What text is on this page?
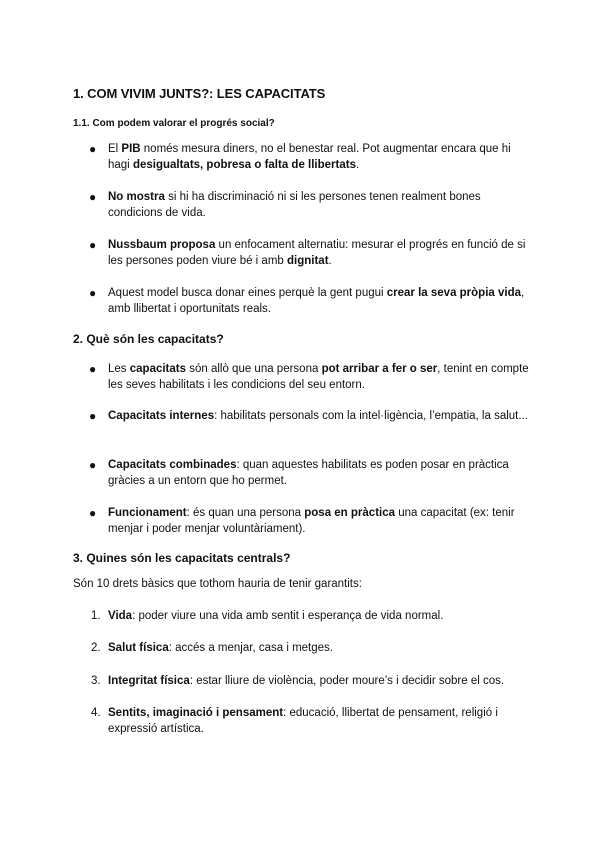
1. COM VIVIM JUNTS?: LES CAPACITATS
1.1. Com podem valorar el progrés social?
● El PIB només mesura diners, no el benestar real. Pot augmentar encara que hi hagi desigualtats, pobresa o falta de llibertats.
● No mostra si hi ha discriminació ni si les persones tenen realment bones condicions de vida.
● Nussbaum proposa un enfocament alternatiu: mesurar el progrés en funció de si les persones poden viure bé i amb dignitat.
● Aquest model busca donar eines perquè la gent pugui crear la seva pròpia vida, amb llibertat i oportunitats reals.
2. Què són les capacitats?
● Les capacitats són allò que una persona pot arribar a fer o ser, tenint en compte les seves habilitats i les condicions del seu entorn.
● Capacitats internes: habilitats personals com la intel·ligència, l’empatia, la salut...
● Capacitats combinades: quan aquestes habilitats es poden posar en pràctica gràcies a un entorn que ho permet.
● Funcionament: és quan una persona posa en pràctica una capacitat (ex: tenir menjar i poder menjar voluntàriament).
3. Quines són les capacitats centrals?
Són 10 drets bàsics que tothom hauria de tenir garantits:
1. Vida: poder viure una vida amb sentit i esperança de vida normal.
2. Salut física: accés a menjar, casa i metges.
3. Integritat física: estar lliure de violència, poder moure’s i decidir sobre el cos.
4. Sentits, imaginació i pensament: educació, llibertat de pensament, religió i expressió artística.
